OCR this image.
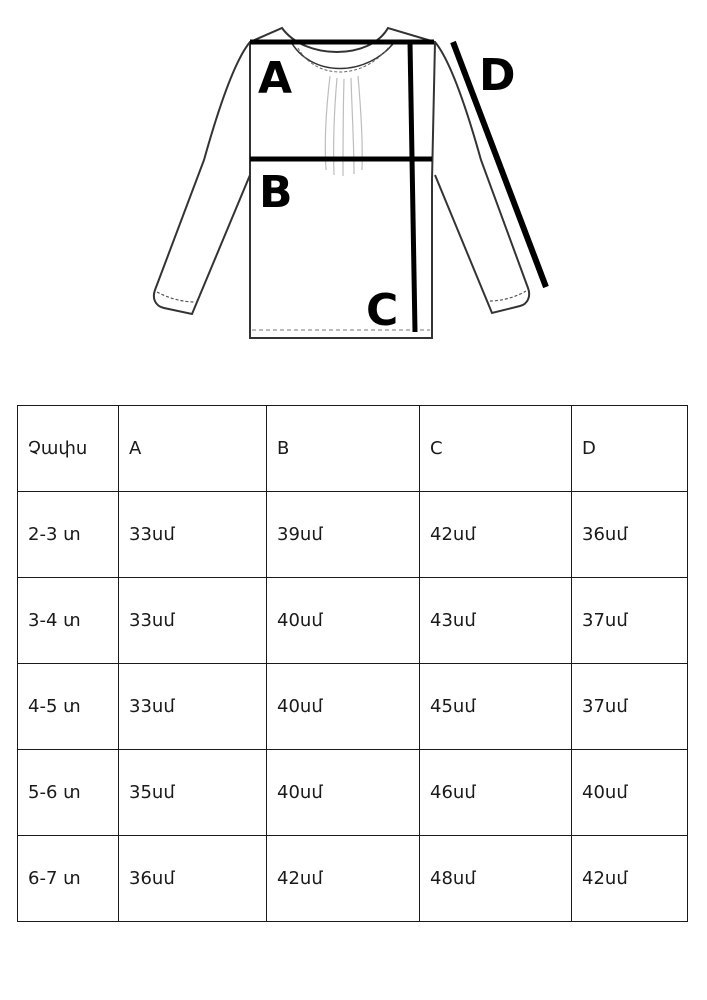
A
B
C
D
Չափս	A	B	C	D
2-3 տ	33սմ	39սմ	42սմ	36սմ
3-4 տ	33սմ	40սմ	43սմ	37սմ
4-5 տ	33սմ	40սմ	45սմ	37սմ
5-6 տ	35սմ	40սմ	46սմ	40սմ
6-7 տ	36սմ	42սմ	48սմ	42սմ
